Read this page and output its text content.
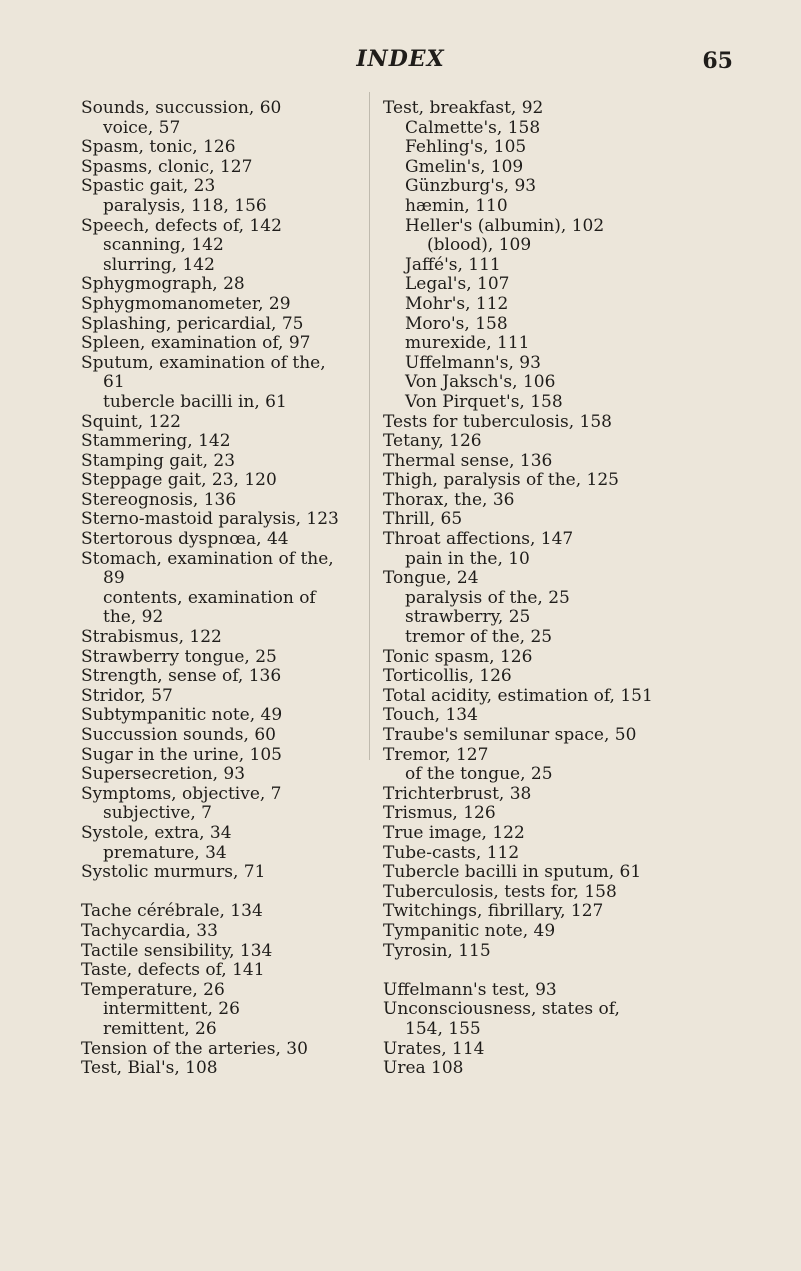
INDEX	65
Sounds, succussion, 60
voice, 57
Spasm, tonic, 126
Spasms, clonic, 127
Spastic gait, 23
paralysis, 118, 156
Speech, defects of, 142
scanning, 142
slurring, 142
Sphygmograph, 28
Sphygmomanometer, 29
Splashing, pericardial, 75
Spleen, examination of, 97
Sputum, examination of the,
61
tubercle bacilli in, 61
Squint, 122
Stammering, 142
Stamping gait, 23
Steppage gait, 23, 120
Stereognosis, 136
Sterno-mastoid paralysis, 123
Stertorous dyspnœa, 44
Stomach, examination of the,
89
contents, examination of
the, 92
Strabismus, 122
Strawberry tongue, 25
Strength, sense of, 136
Stridor, 57
Subtympanitic note, 49
Succussion sounds, 60
Sugar in the urine, 105
Supersecretion, 93
Symptoms, objective, 7
subjective, 7
Systole, extra, 34
premature, 34
Systolic murmurs, 71
Tache cérébrale, 134
Tachycardia, 33
Tactile sensibility, 134
Taste, defects of, 141
Temperature, 26
intermittent, 26
remittent, 26
Tension of the arteries, 30
Test, Bial's, 108
Test, breakfast, 92
Calmette's, 158
Fehling's, 105
Gmelin's, 109
Günzburg's, 93
hæmin, 110
Heller's (albumin), 102
(blood), 109
Jaffé's, 111
Legal's, 107
Mohr's, 112
Moro's, 158
murexide, 111
Uffelmann's, 93
Von Jaksch's, 106
Von Pirquet's, 158
Tests for tuberculosis, 158
Tetany, 126
Thermal sense, 136
Thigh, paralysis of the, 125
Thorax, the, 36
Thrill, 65
Throat affections, 147
pain in the, 10
Tongue, 24
paralysis of the, 25
strawberry, 25
tremor of the, 25
Tonic spasm, 126
Torticollis, 126
Total acidity, estimation of, 151
Touch, 134
Traube's semilunar space, 50
Tremor, 127
of the tongue, 25
Trichterbrust, 38
Trismus, 126
True image, 122
Tube-casts, 112
Tubercle bacilli in sputum, 61
Tuberculosis, tests for, 158
Twitchings, fibrillary, 127
Tympanitic note, 49
Tyrosin, 115
Uffelmann's test, 93
Unconsciousness, states of,
154, 155
Urates, 114
Urea 108
